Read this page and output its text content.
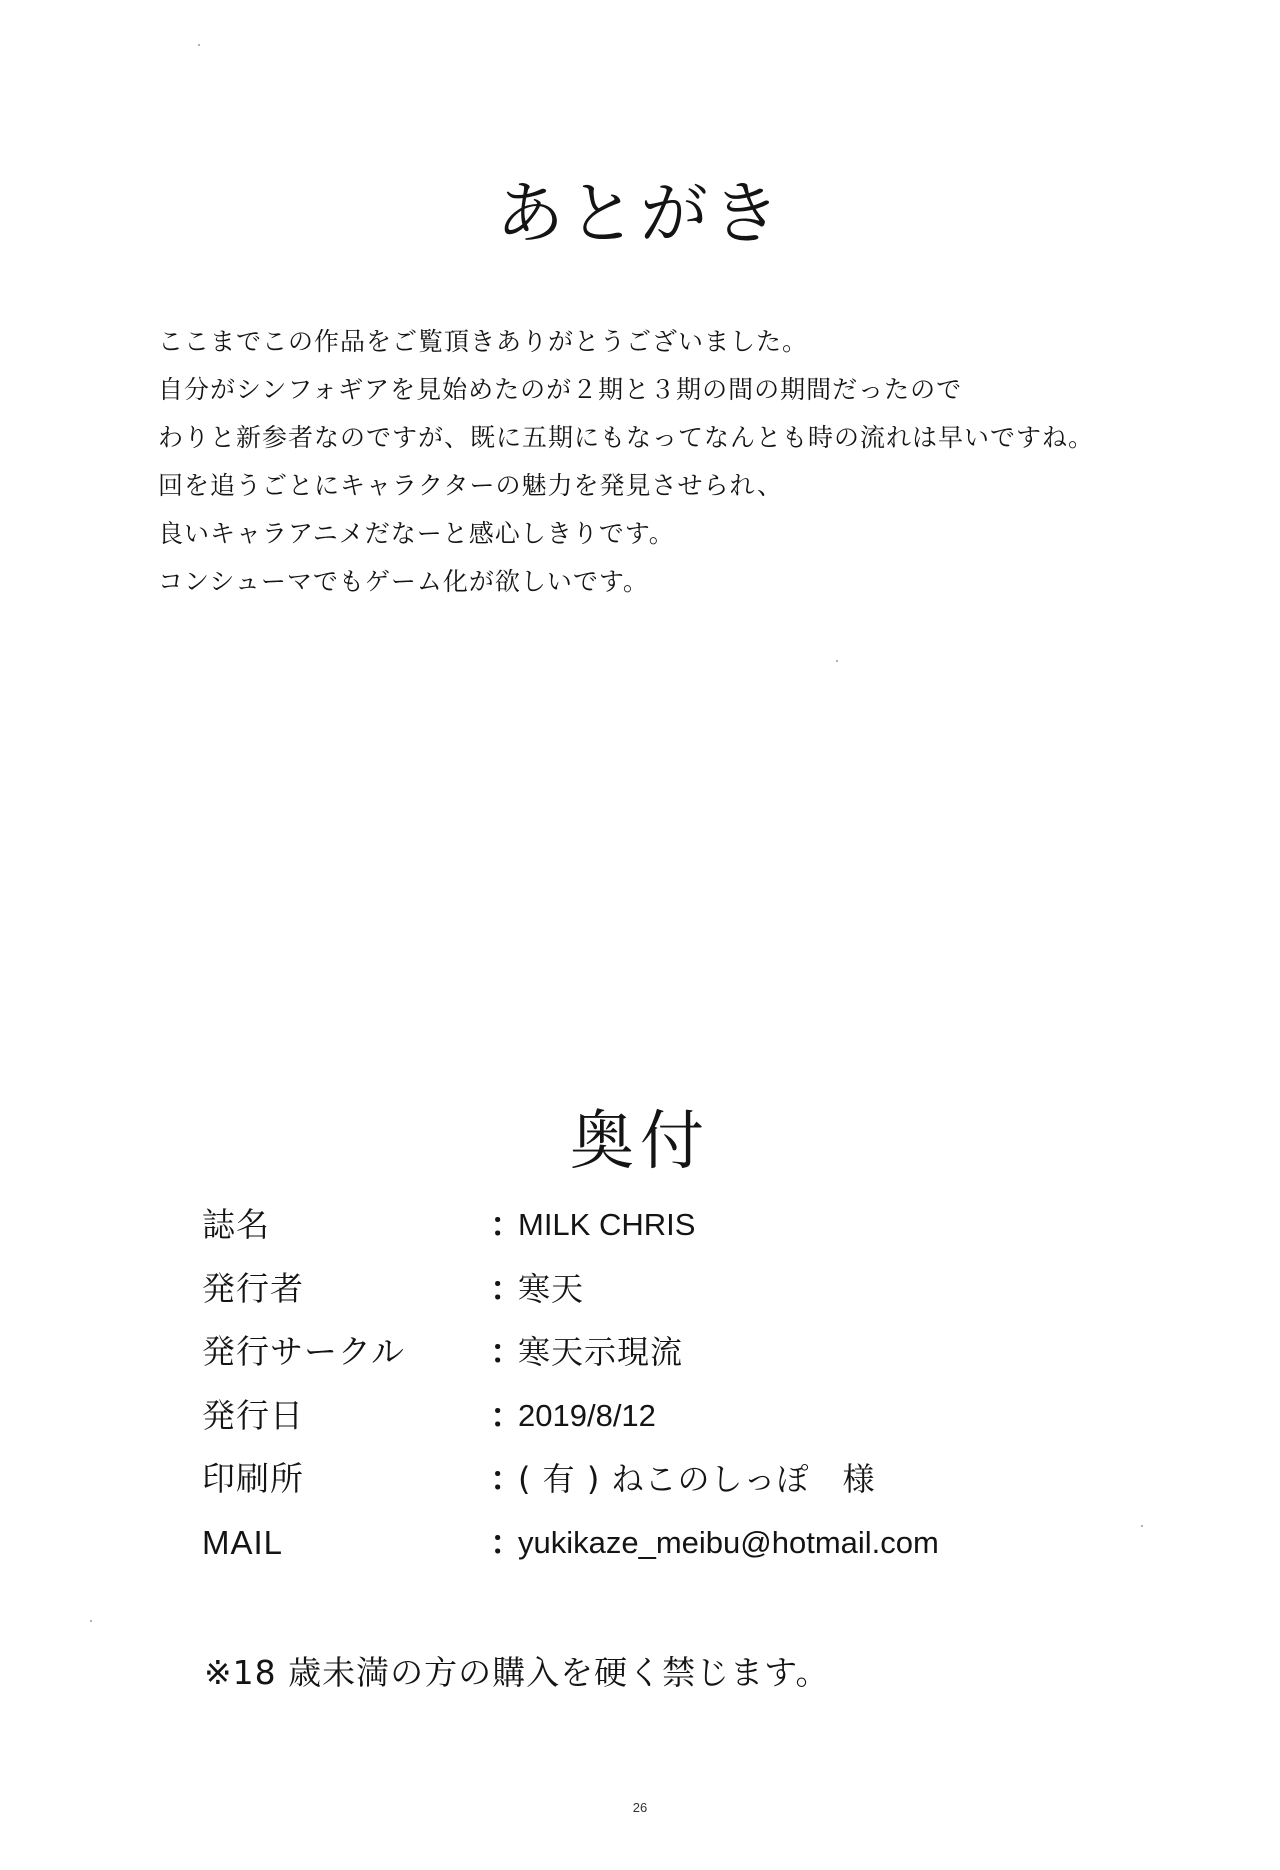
あとがき
ここまでこの作品をご覧頂きありがとうございました。
自分がシンフォギアを見始めたのが２期と３期の間の期間だったので
わりと新参者なのですが、既に五期にもなってなんとも時の流れは早いですね。
回を追うごとにキャラクターの魅力を発見させられ、
良いキャラアニメだなーと感心しきりです。
コンシューマでもゲーム化が欲しいです。
奥付
誌名	：
MILK CHRIS
発行者	：
寒天
発行サークル	：
寒天示現流
発行日	：
2019/8/12
印刷所	：
( 有 ) ねこのしっぽ　様
MAIL	：
yukikaze_meibu@hotmail.com
※18 歳未満の方の購入を硬く禁じます。
26
